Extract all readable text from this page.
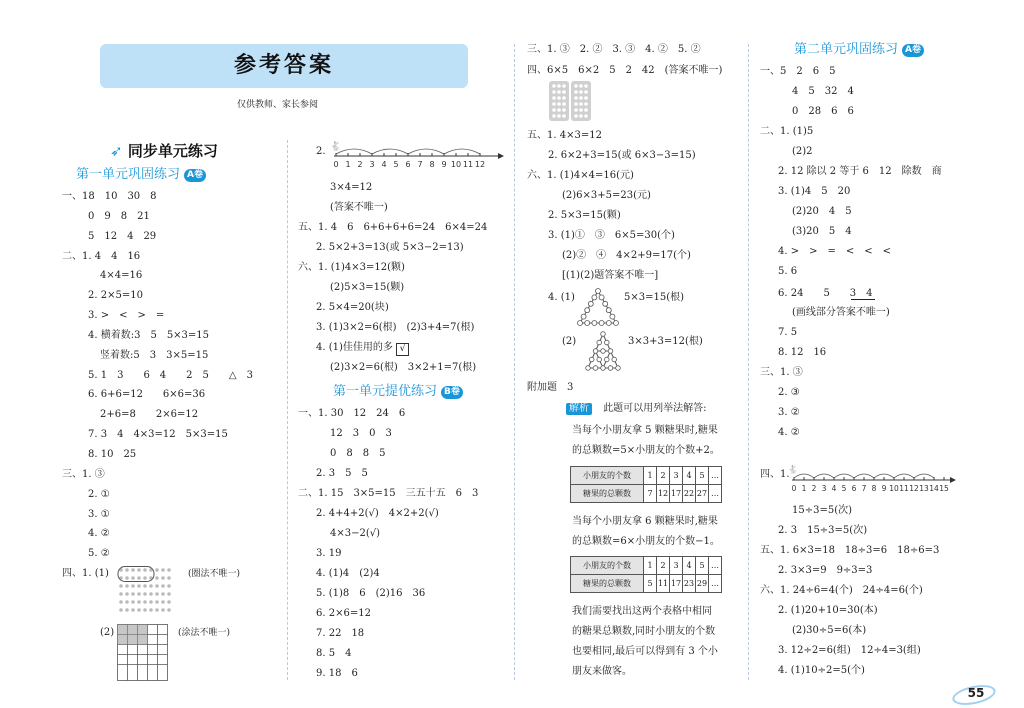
参考答案
仅供教师、家长参阅
➶ 同步单元练习
第一单元巩固练习 A卷
一、18　10　30　8
0　9　8　21
5　12　4　29
二、1. 4　4　16
4×4=16
2. 2×5=10
3. >　<　>　=
4. 横着数:3　5　5×3=15
竖着数:5　3　3×5=15
5. 1　3　　6　4　　2　5　　△　3
6. 6+6=12　　6×6=36
2+6=8　　2×6=12
7. 3　4　4×3=12　5×3=15
8. 10　25
三、1. ③
2. ①
3. ①
4. ②
5. ②
四、1. (1)	(圈法不唯一)
(2)	(涂法不唯一)
2.
0 1 2 3 4 5 6 7 8 9 10 11 12
🐇
3×4=12
(答案不唯一)
五、1. 4　6　6+6+6+6=24　6×4=24
2. 5×2+3=13(或 5×3−2=13)
六、1. (1)4×3=12(颗)
(2)5×3=15(颗)
2. 5×4=20(块)
3. (1)3×2=6(根)　(2)3+4=7(根)
4. (1)佳佳用的多 √
(2)3×2=6(根)　3×2+1=7(根)
第一单元提优练习 B卷
一、1. 30　12　24　6
12　3　0　3
0　8　8　5
2. 3　5　5
二、1. 15　3×5=15　三五十五　6　3
2. 4+4+2(√)　4×2+2(√)
4×3−2(√)
3. 19
4. (1)4　(2)4
5. (1)8　6　(2)16　36
6. 2×6=12
7. 22　18
8. 5　4
9. 18　6
三、1. ③　2. ②　3. ③　4. ②　5. ②
四、6×5　6×2　5　2　42　(答案不唯一)
五、1. 4×3=12
2. 6×2+3=15(或 6×3−3=15)
六、1. (1)4×4=16(元)
(2)6×3+5=23(元)
2. 5×3=15(颗)
3. (1)①　③　6×5=30(个)
(2)②　④　4×2+9=17(个)
[(1)(2)题答案不唯一]
4. (1)	5×3=15(根)
(2)	3×3+3=12(根)
附加题　3
解析 此题可以用列举法解答:
当每个小朋友拿 5 颗糖果时,糖果
的总颗数=5×小朋友的个数+2。
小朋友的个数	1	2	3	4	5	…
糖果的总颗数	7	12	17	22	27	…
当每个小朋友拿 6 颗糖果时,糖果
的总颗数=6×小朋友的个数−1。
小朋友的个数	1	2	3	4	5	…
糖果的总颗数	5	11	17	23	29	…
我们需要找出这两个表格中相同
的糖果总颗数,同时小朋友的个数
也要相同,最后可以得到有 3 个小
朋友来做客。
第二单元巩固练习 A卷
一、5　2　6　5
4　5　32　4
0　28　6　6
二、1. (1)5
(2)2
2. 12 除以 2 等于 6　12　除数　商
3. (1)4　5　20
(2)20　4　5
(3)20　5　4
4. >　>　=　<　<　<
5. 6
6. 24　　5　　3　4
(画线部分答案不唯一)
7. 5
8. 12　16
三、1. ③
2. ③
3. ②
4. ②
四、1.
0 1 2 3 4 5 6 7 8 9 10 11 12 13 14 15
🐇
15÷3=5(次)
2. 3　15÷3=5(次)
五、1. 6×3=18　18÷3=6　18÷6=3
2. 3×3=9　9÷3=3
六、1. 24÷6=4(个)　24÷4=6(个)
2. (1)20+10=30(本)
(2)30÷5=6(本)
3. 12÷2=6(组)　12÷4=3(组)
4. (1)10÷2=5(个)
55
